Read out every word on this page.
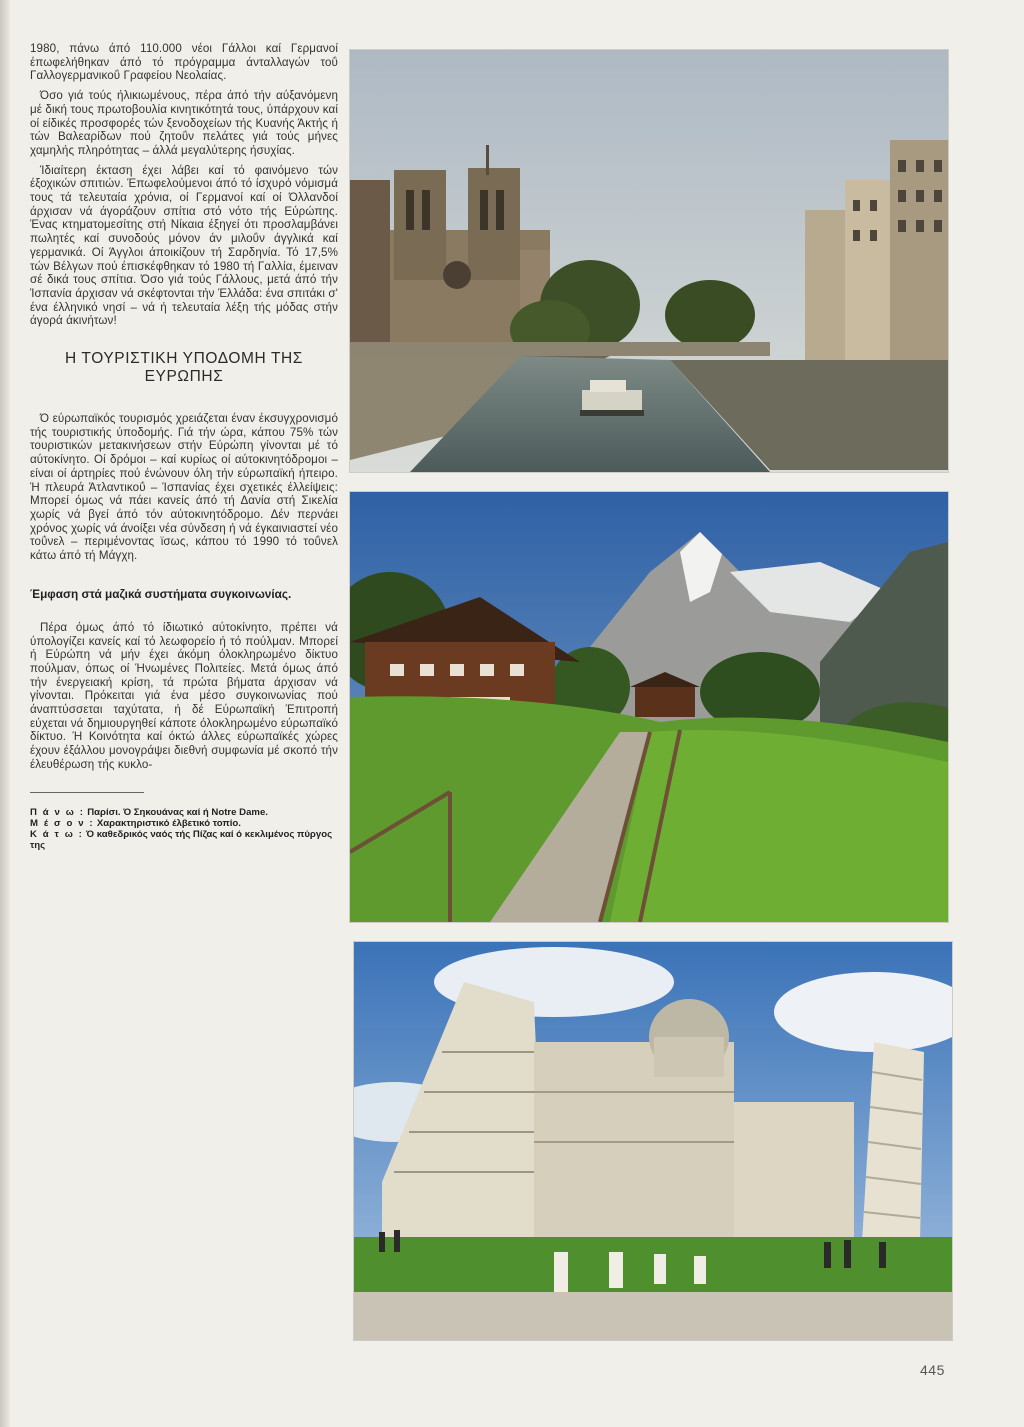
1980, πάνω άπό 110.000 νέοι Γάλλοι καί Γερμανοί έπωφελήθηκαν άπό τό πρόγραμμα άνταλλαγών τοΰ Γαλλογερμανικοΰ Γραφείου Νεολαίας.

Όσο γιά τούς ήλικιωμένους, πέρα άπό τήν αύξανόμενη μέ δική τους πρωτοβουλία κινητικότητά τους, ύπάρχουν καί οί είδικές προσφορές τών ξενοδοχείων τής Κυανής Άκτής ή τών Βαλεαρίδων πού ζητοΰν πελάτες γιά τούς μήνες χαμηλής πληρότητας – άλλά μεγαλύτερης ήσυχίας.

Ίδιαίτερη έκταση έχει λάβει καί τό φαινόμενο τών έξοχικών σπιτιών. Έπωφελούμενοι άπό τό ίσχυρό νόμισμά τους τά τελευταία χρόνια, οί Γερμανοί καί οί Όλλανδοί άρχισαν νά άγοράζουν σπίτια στό νότο τής Εύρώπης. Ένας κτηματομεσίτης στή Νίκαια έξηγεί ότι προσλαμβάνει πωλητές καί συνοδούς μόνον άν μιλοΰν άγγλικά καί γερμανικά. Οί Άγγλοι άποικίζουν τή Σαρδηνία. Τό 17,5% τών Βέλγων πού έπισκέφθηκαν τό 1980 τή Γαλλία, έμειναν σέ δικά τους σπίτια. Όσο γιά τούς Γάλλους, μετά άπό τήν Ίσπανία άρχισαν νά σκέφτονται τήν Έλλάδα: ένα σπιτάκι σ' ένα έλληνικό νησί – νά ή τελευταία λέξη τής μόδας στήν άγορά άκινήτων!

Η ΤΟΥΡΙΣΤΙΚΗ ΥΠΟΔΟΜΗ ΤΗΣ ΕΥΡΩΠΗΣ

Ό εύρωπαϊκός τουρισμός χρειάζεται έναν έκσυγχρονισμό τής τουριστικής ύποδομής. Γιά τήν ώρα, κάπου 75% τών τουριστικών μετακινήσεων στήν Εύρώπη γίνονται μέ τό αύτοκίνητο. Οί δρόμοι – καί κυρίως οί αύτοκινητόδρομοι – είναι οί άρτηρίες πού ένώνουν όλη τήν εύρωπαϊκή ήπειρο. Ή πλευρά Άτλαντικοΰ – Ίσπανίας έχει σχετικές έλλείψεις: Μπορεί όμως νά πάει κανείς άπό τή Δανία στή Σικελία χωρίς νά βγεί άπό τόν αύτοκινητόδρομο. Δέν περνάει χρόνος χωρίς νά άνοίξει νέα σύνδεση ή νά έγκαινιαστεί νέο τοΰνελ – περιμένοντας ϊσως, κάπου τό 1990 τό τοΰνελ κάτω άπό τή Μάγχη.

Έμφαση στά μαζικά συστήματα συγκοινωνίας.

Πέρα όμως άπό τό ίδιωτικό αύτοκίνητο, πρέπει νά ύπολογίζει κανείς καί τό λεωφορείο ή τό πούλμαν. Μπορεί ή Εύρώπη νά μήν έχει άκόμη όλοκληρωμένο δίκτυο πούλμαν, όπως οί Ήνωμένες Πολιτείες. Μετά όμως άπό τήν ένεργειακή κρίση, τά πρώτα βήματα άρχισαν νά γίνονται. Πρόκειται γιά ένα μέσο συγκοινωνίας πού άναπτύσσεται ταχύτατα, ή δέ Εύρωπαϊκή Έπιτροπή εύχεται νά δημιουργηθεί κάποτε όλοκληρωμένο εύρωπαϊκό δίκτυο. Ή Κοινότητα καί όκτώ άλλες εύρωπαϊκές χώρες έχουν έξάλλου μονογράψει διεθνή συμφωνία μέ σκοπό τήν έλευθέρωση τής κυκλο-

Π ά ν ω : Παρίσι. Ό Σηκουάνας καί ή Notre Dame.
Μ έ σ ο ν : Χαρακτηριστικό έλβετικό τοπίο.
Κ ά τ ω : Ό καθεδρικός ναός τής Πίζας καί ό κεκλιμένος πύργος της
445
